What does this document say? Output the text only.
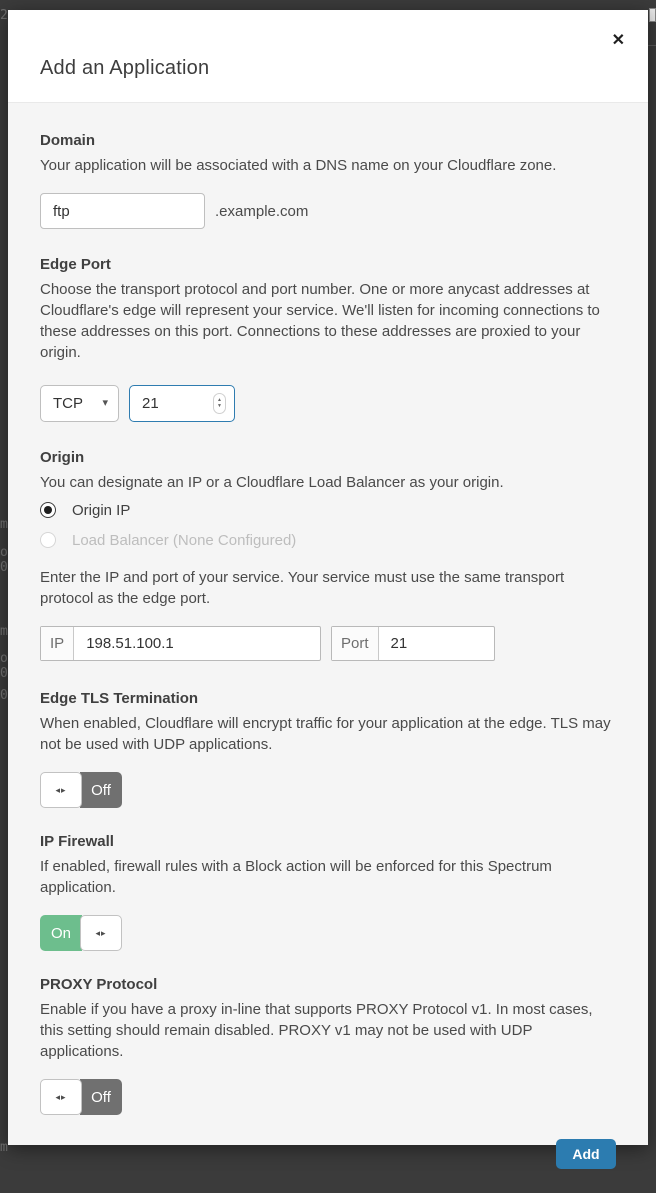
2
m
o
0
m
o
0
0
m
Add an Application
✕
Domain
Your application will be associated with a DNS name on your Cloudflare zone.
ftp
.example.com
Edge Port
Choose the transport protocol and port number. One or more anycast addresses at Cloudflare's edge will represent your service. We'll listen for incoming connections to these addresses on this port. Connections to these addresses are proxied to your origin.
TCP ▾ 21	▲
▼
Origin
You can designate an IP or a Cloudflare Load Balancer as your origin.
Origin IP
Load Balancer (None Configured)
Enter the IP and port of your service. Your service must use the same transport protocol as the edge port.
IP	198.51.100.1	Port	21
Edge TLS Termination
When enabled, Cloudflare will encrypt traffic for your application at the edge. TLS may not be used with UDP applications.
◂▸	Off
IP Firewall
If enabled, firewall rules with a Block action will be enforced for this Spectrum application.
On	◂▸
PROXY Protocol
Enable if you have a proxy in-line that supports PROXY Protocol v1. In most cases, this setting should remain disabled. PROXY v1 may not be used with UDP applications.
◂▸	Off
Add
